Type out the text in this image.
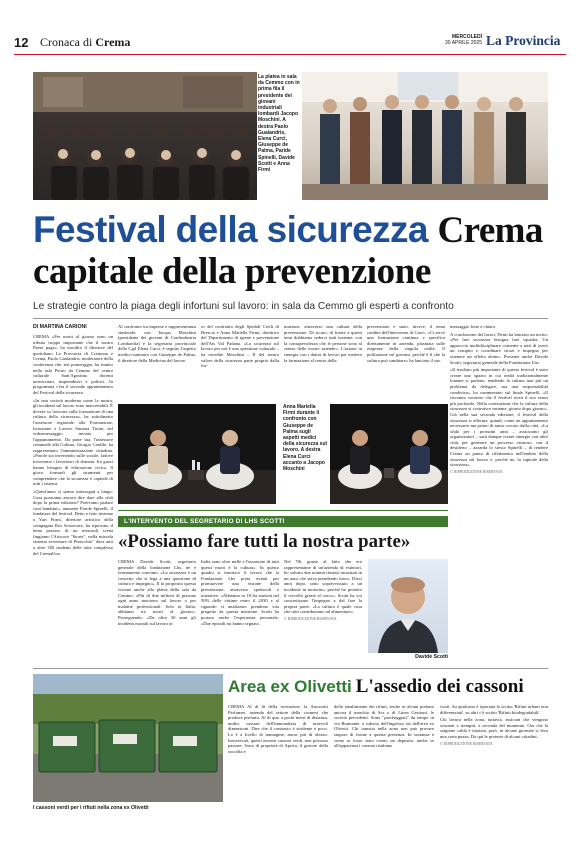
12 Cronaca di Crema	MERCOLEDÌ
30 APRILE 2025 La Provincia
La platea in sala da Cemmo con in prima fila il presidente dei giovani industriali lombardi Jacopo Moschini. A destra Paolo Gualandris, Elena Curci, Giuseppe de Palma, Paride Spinelli, Davide Scotti e Anna Firmi
Festival della sicurezza Crema
capitale della prevenzione
Le strategie contro la piaga degli infortuni sul lavoro: in sala da Cemmo gli esperti a confronto
DI MARTINA CARIONI

CREMA «Per morti al giorno sono un tributo troppo importante che il nostro Paese paga», ha esordito il direttore del quotidiano La Provincia di Cremona e Crema, Paolo Gualandris, moderatore della conferenza che, ieri pomeriggio, ha riunito nella sala Pietro da Cemmo del centro culturale Sant'Agostino docenti universitari, imprenditori e politici. In programma c'era il secondo appuntamento del Festival della sicurezza.

«In una società moderna come la nostra, gli incidenti sul lavoro sono inaccettabili. È dovere so lavorare sulla formazione di una cultura della sicurezza», ha sottolineato l'assessore regionale alla Formazione, Istruzione e Lavoro Simona Tironi, nel videomessaggio inviato per l'appuntamento. Da parte sua, l'assessore comunale alla Cultura, Giorgio Cardile, ha rappresentato l'amministrazione cittadina. «Parole sia invertendo sulle scuole, ladove troveremo i lavoratori di domani. Ira gazzi hanno bisogno di educazione civica. Il gioco formarli gli strumenti per comprendere che la sicurezza è capitale di tutti i sistemi.

«Quest'anno ci siamo interrogati a lungo: Cosa possiamo ancora dire dare alla città dopo la prima edizione? Potevamo parlare coni bambini», ammette Paride Spinelli, il fondatore del festival. Detto e fatto insieme a Yuri Firmi, direttore artistico della compagnia Ros Sosoecare, ha riprovato il tema portavo di un mesosoli scena fingiamo l'Atiscore "Storie", nella miscela sistema avventure di Pinocchio" dava anti a oltre 350 studenti delle tutte complesso del CremaUno.

Al confronto tra imprese e rappresentanza sindacale, con Jacopo Moschini (presidente dei giovani di Confindustria Lombardia) e la segretaria provinciale della Cgil Elena Curci, è seguito l'aspetto medico-sanitario con Giuseppe de Palma, il direttore della Medicina del lavoro

ro del confronto degli Spedali Civili di Brescia e Anna Mariella Firmi, direttrice del Dipartimento di igiene e prevenzione dell'Ats Val Padana. «La sicurezza sul lavoro per noi è una questione culturale – ha esordito Moschini – Il del nostro valore della sicurezza parte proprio dalla for-

mazione, attraverso una cultura della prevenzione. Di sicuro, di fronte a questi temi dobbiamo sederci tutti insieme, con la consapevolezza che le persone sono al centro delle nostre aziende». L'azione in sinergia con i datori di lavoro per mettere la formazione al centro della

prevenzione e stato, invece, il tema cardine dell'intervento di Curci: «Ci serve una formazione continua e specifica direttamente in azienda, plasmata sulle esigenze della singola realtà. Il polifazione sul giovani, perché è lì che la cultura può cambiare» ha lanciato il suo

messaggio forte e chiaro.

A conclusione dei lavori, Firmi ha lanciato un invito: «Per fare sicurezza bisogna fare squadra. Un approccio multidisciplinare consente a tutti di avere un compito e coordinare sforzi e impegno per ottenere un effetto alone». Presente anche Davide Scotti, segretario generale della Fondazione Lhs.

«Il risultato più importante di questo festival è stato creare uno spazio in cui realtà tradizionalmente lontane si parlano, tendendo la cultura non più un problema da delegare, ma una responsabilità condivisa», ha commentato sul finale Spinelli. «Il riscontro incontro che il festival trova il suo senso più profondo. Nella convinzione che la cultura della sicurezza si costruisce insieme, giorno dopo giorno». Già nella sua seconda edizione, il festival della sicurezza si afferma, quindi, come un appuntamento necessario ma primo di tanto cercato dalla città. «La sfida per i prossimi anni – assicurano gli organizzatori – sarà dunque creare sinergie con altre città, per generare un processo virtuoso, con il desiderio – azzarda lo stesso Spinelli – di rendere Crema un punto di riferimento nell'ambito della sicurezza sul lavoro e, perché no, la capitale della sicurezza».

© RIPRODUZIONE RISERVATA

Anna Mariella Firmi durante il confronto con Giuseppe de Palma sugli aspetti medici della sicurezza sul lavoro. A destra Elena Curci accanto a Jacopo Moschini
L'INTERVENTO DEL SEGRETARIO DI LHS SCOTTI
«Possiamo fare tutti la nostra parte»

CREMA Davide Scotti, segretario generale della fondazione Lhs, ne è fermamente convinto: «La sicurezza è un concetto che si lega a una questione di cultura e impegno». Il fa proposito questa visione anche alla platea della sala da Cemmo: «Più di due milioni di persone ogni anno muoiono sul lavoro o per malattie professionali. Solo in Italia, abbiamo tre morti al giorno». Proseguendo: «Da oltre 30 anni gli incidenti mortali sul lavoro in

Italia sono oltre mille e l'assassino di tutti questi morti è la cultura». In questo quadro si inserisce il lavoro che la Fondazione Lhs porta avanti per promuovere una visione della prevenzione, attraverso spettacoli e iniziative. «Abbiamo in 18 Ita nazioni nel 50% delle vittime entro il 2030 e al riguardo vi analizzato prendono vita progetto da questa missione. Scotti ha portato anche l'esperienza personale: «Due episodi mi hanno segnato.

Nel '96, grazie al fatto che ero rappresentante di un'azienda di estintori, ho salvato due uomini rimasti incastrati in un auto che stava prendendo fuoco. Dieci anni dopo, sono sopravvissuto a un incidente in motorino, perché ho protetto il cervello grazie al casco». Scotti ha voi concretizzato l'impegno a dal fare la propria parte: «La cultura è quale cosa che tutti contribuiamo ad alimentare».

© RIPRODUZIONE RISERVATA

Davide Scotti
I cassoni verdi per i rifiuti nella zona ex Olivetti
Area ex Olivetti L'assedio dei cassoni

CREMA Al di là della recinzione, la Ancorotti Perfumes, azienda del settore della cosmesi che produce profumi. Al di qua, a pochi metri di distanza, undici cassoni dell'immondizia di notevoli dimensioni. Dire che il contrasto è stridente è poco. Lo è a livello di immagine, ancor più di olezzo. Inosservati, questi enormi cassoni verdi, non possono passare. Sono di proprietà di Aprica, il gestore della raccolta e

dello smaltimento dei rifiuti, anche se alcuni portano ancora il marchio di Scs o di Linea Gestioni, le società precedenti. Sono "parcheggiati" da tempo in via Bramante, a ridosso dell'ingresso est dell'area ex Olivetti. Chi transita nella zona non può provare stupore di fronte a questa presenza. In sostanza è come se fosse stato creato un deposito, anche se all'apparenza i cassoni risultano

vuoti. Su qualcuno è riportata la scritta 'Rifiuti urbani non differenziati', su altri c'è scritto 'Rifiuti biodegradabili'.

Chi lavora nella zona, tuttavia, assicura che vengono svuotati e riempiti, a seconda del momento. Ora che la stagione calda è iniziata, però, in alcune giornate si leva una certa puzza. Da qui le proteste di alcuni cittadini.

© RIPRODUZIONE RISERVATA
